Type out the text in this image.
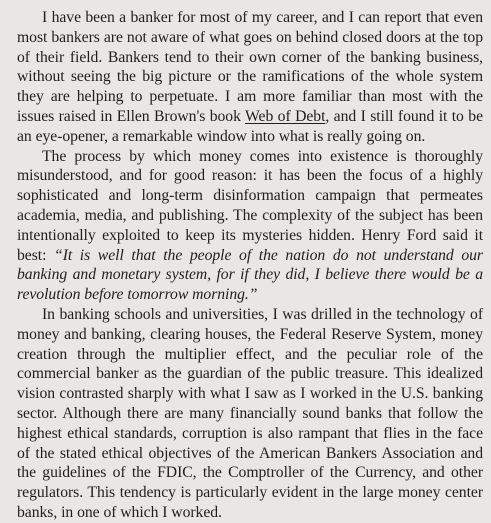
I have been a banker for most of my career, and I can report that even most bankers are not aware of what goes on behind closed doors at the top of their field. Bankers tend to their own corner of the banking business, without seeing the big picture or the ramifications of the whole system they are helping to perpetuate. I am more familiar than most with the issues raised in Ellen Brown's book Web of Debt, and I still found it to be an eye-opener, a remarkable window into what is really going on.

The process by which money comes into existence is thoroughly misunderstood, and for good reason: it has been the focus of a highly sophisticated and long-term disinformation campaign that permeates academia, media, and publishing. The complexity of the subject has been intentionally exploited to keep its mysteries hidden. Henry Ford said it best: “It is well that the people of the nation do not understand our banking and monetary system, for if they did, I believe there would be a revolution before tomorrow morning.”

In banking schools and universities, I was drilled in the technology of money and banking, clearing houses, the Federal Reserve System, money creation through the multiplier effect, and the peculiar role of the commercial banker as the guardian of the public treasure. This idealized vision contrasted sharply with what I saw as I worked in the U.S. banking sector. Although there are many financially sound banks that follow the highest ethical standards, corruption is also rampant that flies in the face of the stated ethical objectives of the American Bankers Association and the guidelines of the FDIC, the Comptroller of the Currency, and other regulators. This tendency is particularly evident in the large money center banks, in one of which I worked.
